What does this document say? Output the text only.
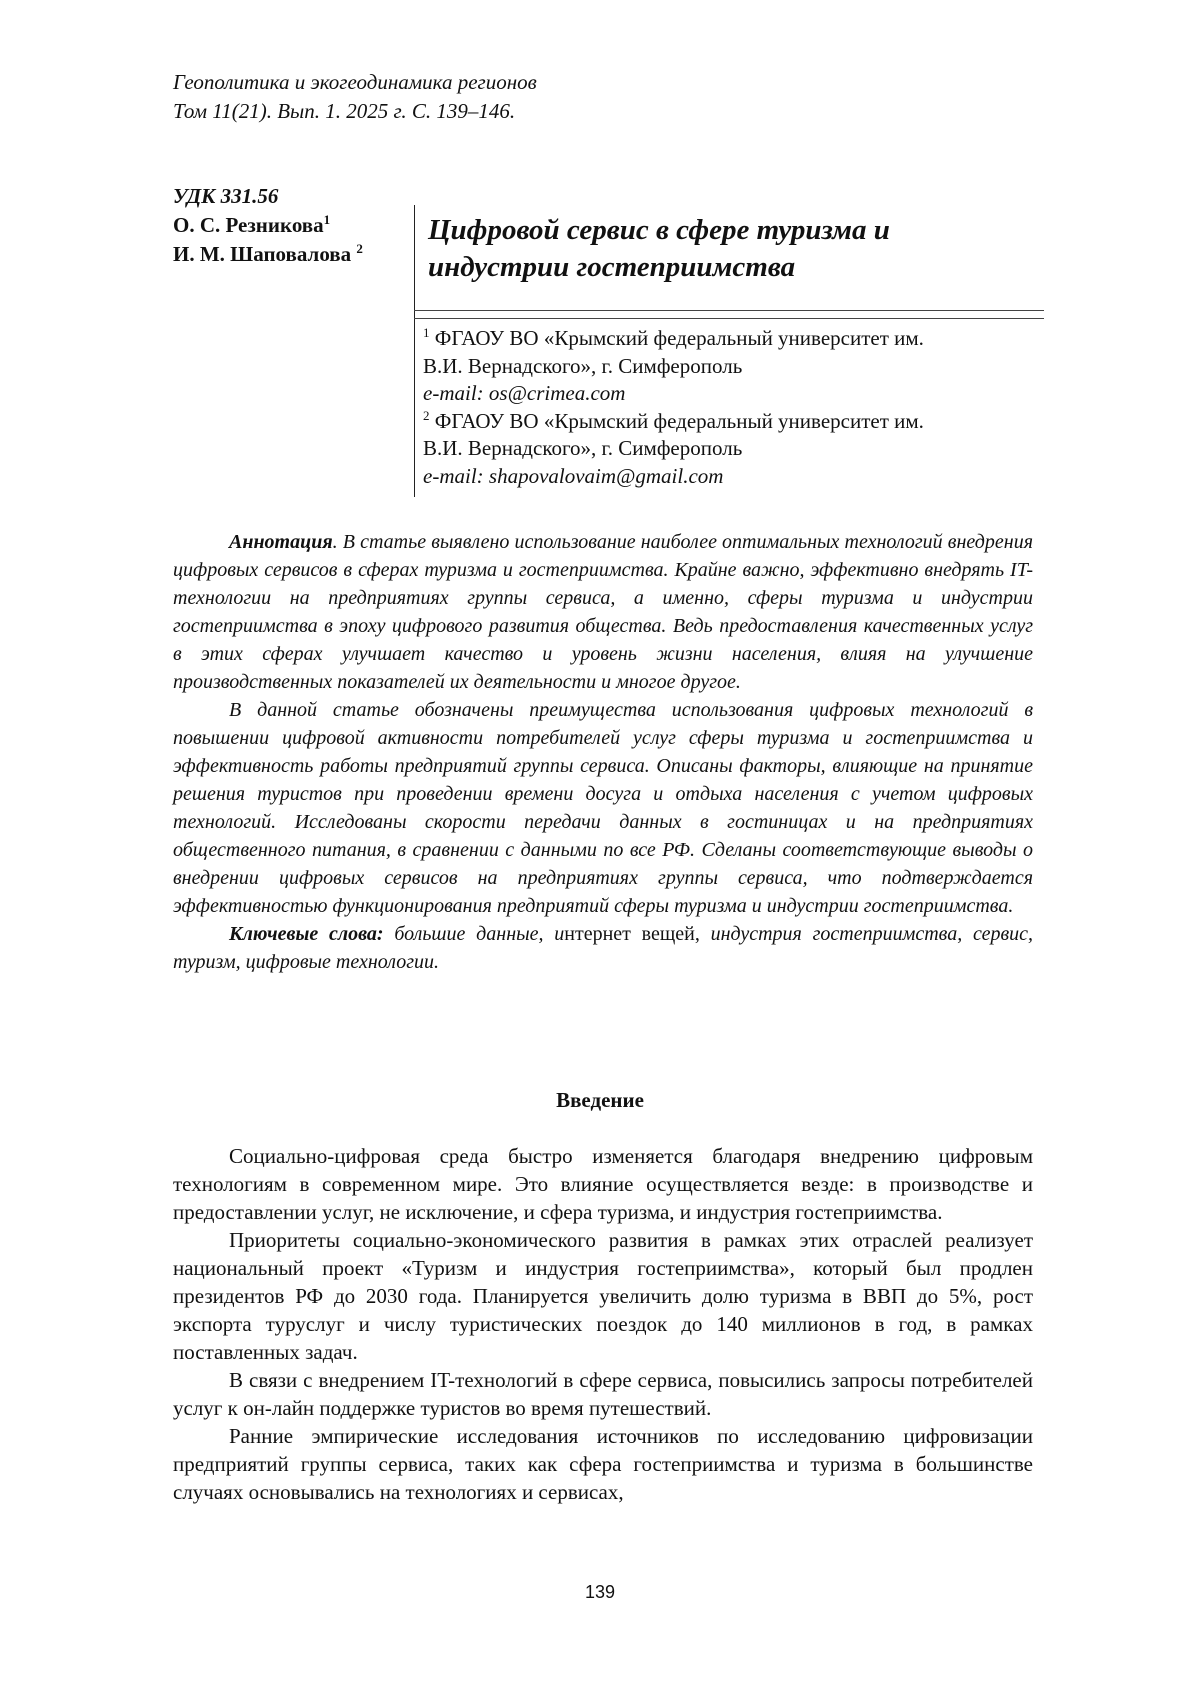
Геополитика и экогеодинамика регионов
Том 11(21). Вып. 1. 2025 г. С. 139–146.
УДК 331.56
О. С. Резникова$^1$
И. М. Шаповалова $^2$
Цифровой сервис в сфере туризма и
индустрии гостеприимства
$^1$ ФГАОУ ВО «Крымский федеральный университет им.
В.И. Вернадского», г. Симферополь
e-mail: os@crimea.com
$^2$ ФГАОУ ВО «Крымский федеральный университет им.
В.И. Вернадского», г. Симферополь
e-mail: shapovalovaim@gmail.com

Аннотация. В статье выявлено использование наиболее оптимальных технологий внедрения цифровых сервисов в сферах туризма и гостеприимства. Крайне важно, эффективно внедрять IT-технологии на предприятиях группы сервиса, а именно, сферы туризма и индустрии гостеприимства в эпоху цифрового развития общества. Ведь предоставления качественных услуг в этих сферах улучшает качество и уровень жизни населения, влияя на улучшение производственных показателей их деятельности и многое другое.

В данной статье обозначены преимущества использования цифровых технологий в повышении цифровой активности потребителей услуг сферы туризма и гостеприимства и эффективность работы предприятий группы сервиса. Описаны факторы, влияющие на принятие решения туристов при проведении времени досуга и отдыха населения с учетом цифровых технологий. Исследованы скорости передачи данных в гостиницах и на предприятиях общественного питания, в сравнении с данными по все РФ. Сделаны соответствующие выводы о внедрении цифровых сервисов на предприятиях группы сервиса, что подтверждается эффективностью функционирования предприятий сферы туризма и индустрии гостеприимства.

Ключевые слова: большие данные, интернет вещей, индустрия гостеприимства, сервис, туризм, цифровые технологии.

Введение

Социально-цифровая среда быстро изменяется благодаря внедрению цифровым технологиям в современном мире. Это влияние осуществляется везде: в производстве и предоставлении услуг, не исключение, и сфера туризма, и индустрия гостеприимства.

Приоритеты социально-экономического развития в рамках этих отраслей реализует национальный проект «Туризм и индустрия гостеприимства», который был продлен президентов РФ до 2030 года. Планируется увеличить долю туризма в ВВП до 5%, рост экспорта туруслуг и числу туристических поездок до 140 миллионов в год, в рамках поставленных задач.

В связи с внедрением IT-технологий в сфере сервиса, повысились запросы потребителей услуг к он-лайн поддержке туристов во время путешествий.

Ранние эмпирические исследования источников по исследованию цифровизации предприятий группы сервиса, таких как сфера гостеприимства и туризма в большинстве случаях основывались на технологиях и сервисах,

139
